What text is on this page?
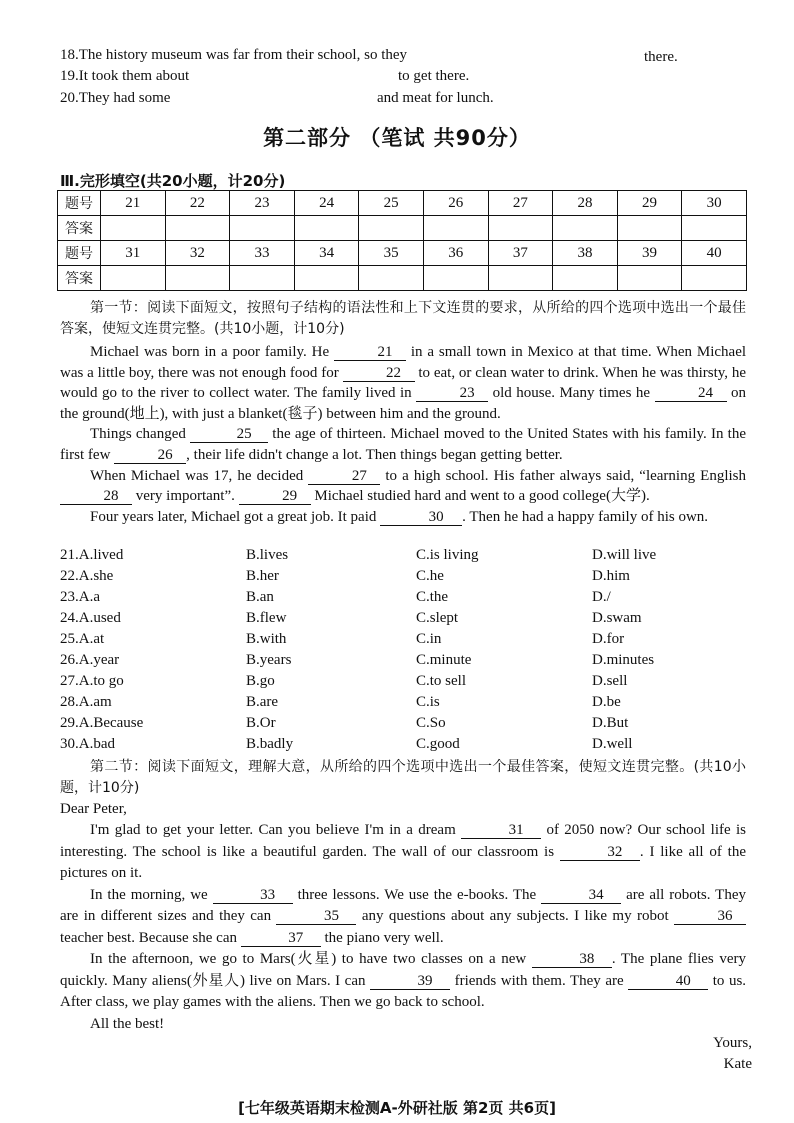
18.The history museum was far from their school, so they	there.
19.It took them about	to get there.
20.They had some	and meat for lunch.
第二部分 （笔试 共90分）
Ⅲ.完形填空(共20小题，计20分)
题号	21	22	23	24	25	26	27	28	29	30
答案										
题号	31	32	33	34	35	36	37	38	39	40
答案										
第一节：阅读下面短文，按照句子结构的语法性和上下文连贯的要求，从所给的四个选项中选出一个最佳答案，使短文连贯完整。(共10小题，计10分)
Michael was born in a poor family. He	21 in a small town in Mexico at that time. When Michael was a little boy, there was not enough food for	22 to eat, or clean water to drink. When he was thirsty, he would go to the river to collect water. The family lived in	23 old house. Many times he	24 on the ground(地上), with just a blanket(毯子) between him and the ground.
Things changed	25 the age of thirteen. Michael moved to the United States with his family. In the first few	26 , their life didn't change a lot. Then things began getting better.
When Michael was 17, he decided	27 to a high school. His father always said, “learning English 28 very important”.	29 Michael studied hard and went to a good college(大学).
Four years later, Michael got a great job. It paid	30 . Then he had a happy family of his own.
21.A.lived	B.lives	C.is living	D.will live
22.A.she	B.her	C.he	D.him
23.A.a	B.an	C.the	D./
24.A.used	B.flew	C.slept	D.swam
25.A.at	B.with	C.in	D.for
26.A.year	B.years	C.minute	D.minutes
27.A.to go	B.go	C.to sell	D.sell
28.A.am	B.are	C.is	D.be
29.A.Because	B.Or	C.So	D.But
30.A.bad	B.badly	C.good	D.well
第二节：阅读下面短文，理解大意，从所给的四个选项中选出一个最佳答案，使短文连贯完整。(共10小题，计10分)
Dear Peter,
I'm glad to get your letter. Can you believe I'm in a dream	31 of 2050 now? Our school life is interesting. The school is like a beautiful garden. The wall of our classroom is	32 . I like all of the pictures on it.
In the morning, we	33 three lessons. We use the e-books. The	34 are all robots. They are in different sizes and they can	35 any questions about any subjects. I like my robot	36 teacher best. Because she can	37 the piano very well.
In the afternoon, we go to Mars(火星) to have two classes on a new	38 . The plane flies very quickly. Many aliens(外星人) live on Mars. I can	39 friends with them. They are	40 to us. After class, we play games with the aliens. Then we go back to school.
All the best!
Yours,
Kate
[七年级英语期末检测A-外研社版 第2页 共6页]
